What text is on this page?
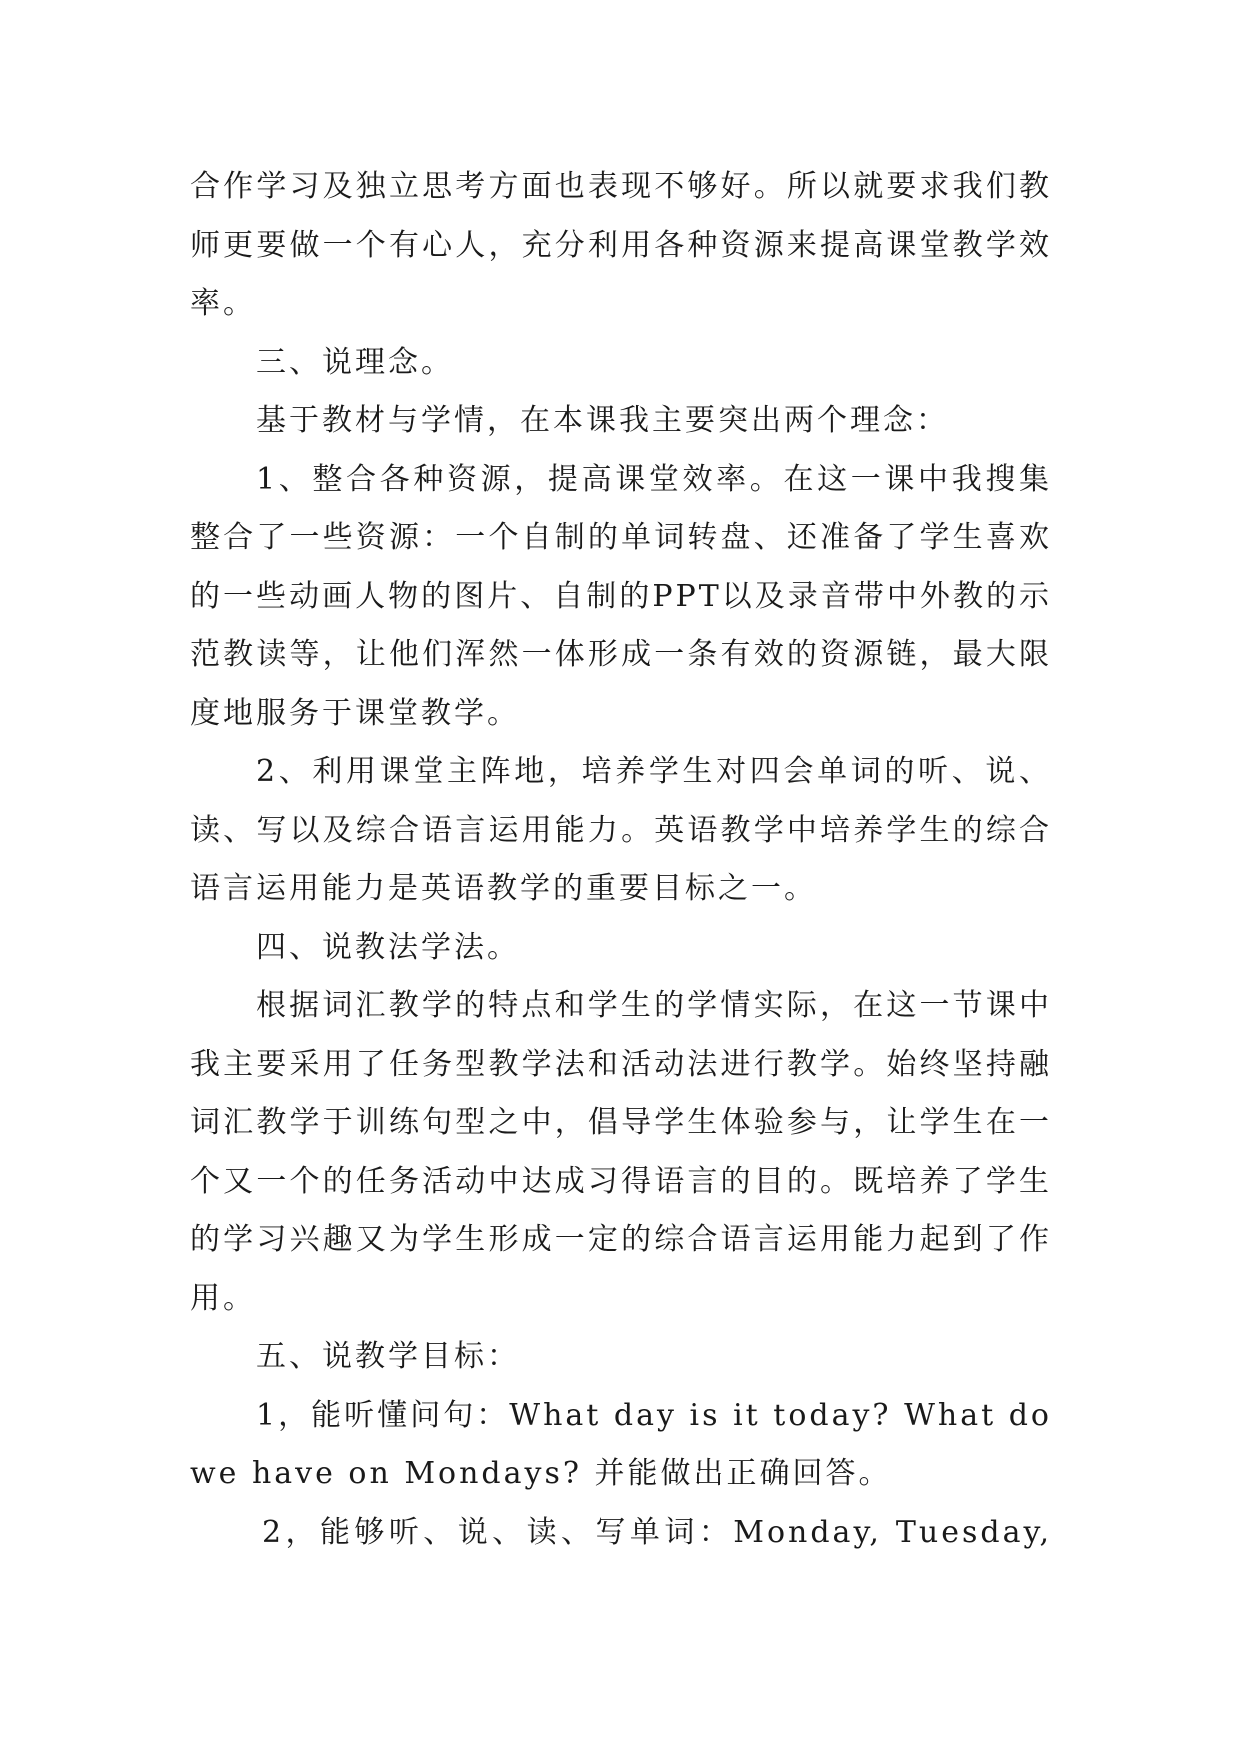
合作学习及独立思考方面也表现不够好。所以就要求我们教师更要做一个有心人，充分利用各种资源来提高课堂教学效率。

三、说理念。

基于教材与学情，在本课我主要突出两个理念：

1、整合各种资源，提高课堂效率。在这一课中我搜集整合了一些资源：一个自制的单词转盘、还准备了学生喜欢的一些动画人物的图片、自制的PPT以及录音带中外教的示范教读等，让他们浑然一体形成一条有效的资源链，最大限度地服务于课堂教学。

2、利用课堂主阵地，培养学生对四会单词的听、说、读、写以及综合语言运用能力。英语教学中培养学生的综合语言运用能力是英语教学的重要目标之一。

四、说教法学法。

根据词汇教学的特点和学生的学情实际，在这一节课中我主要采用了任务型教学法和活动法进行教学。始终坚持融词汇教学于训练句型之中，倡导学生体验参与，让学生在一个又一个的任务活动中达成习得语言的目的。既培养了学生的学习兴趣又为学生形成一定的综合语言运用能力起到了作用。

五、说教学目标：

1，能听懂问句：What day is it today? What do we have on Mondays? 并能做出正确回答。

2，能够听、说、读、写单词：Monday, Tuesday,
